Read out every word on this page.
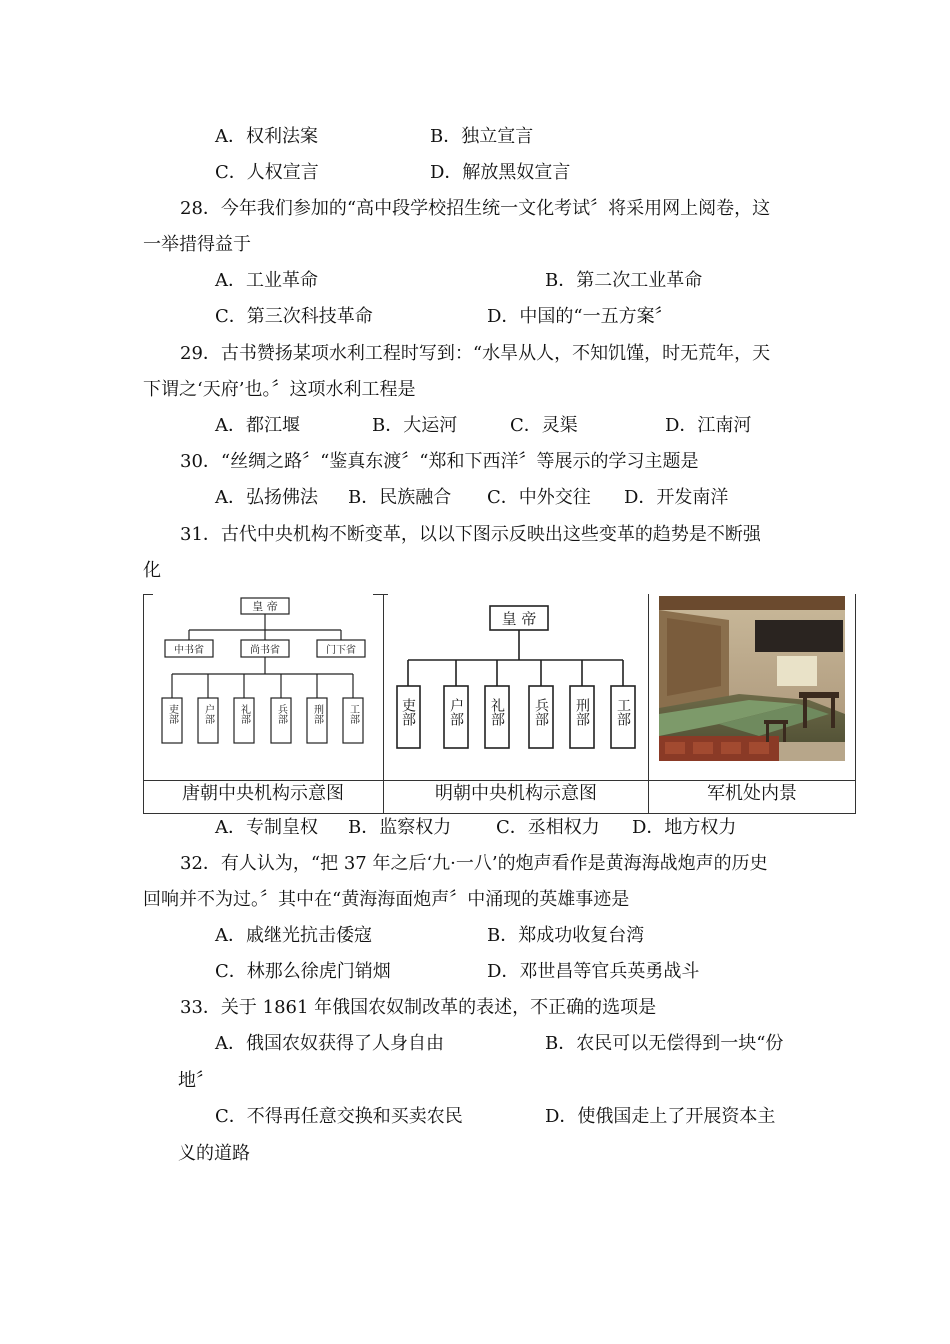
A．权利法案	B．独立宣言
C．人权宣言	D．解放黑奴宣言
28．今年我们参加的“高中段学校招生统一文化考试〞将采用网上阅卷，这
一举措得益于
A．工业革命	B．第二次工业革命
C．第三次科技革命	D．中国的“一五方案〞
29．古书赞扬某项水利工程时写到：“水旱从人，不知饥馑，时无荒年，天
下谓之‘天府’也。〞这项水利工程是
A．都江堰	B．大运河	C．灵渠	D．江南河
30．“丝绸之路〞“鉴真东渡〞“郑和下西洋〞等展示的学习主题是
A．弘扬佛法 B．民族融合 C．中外交往 D．开发南洋
31．古代中央机构不断变革，以以下图示反映出这些变革的趋势是不断强
化
皇 帝
中书省	尚书省	门下省
吏部	户部	礼部	兵部	刑部	工部
皇 帝
吏部 户部 礼部 兵部 刑部 工部
唐朝中央机构示意图	明朝中央机构示意图	军机处内景
A．专制皇权 B．监察权力 C．丞相权力 D．地方权力
32．有人认为，“把 37 年之后‘九·一八’的炮声看作是黄海海战炮声的历史
回响并不为过。〞其中在“黄海海面炮声〞中涌现的英雄事迹是
A．戚继光抗击倭寇	B．郑成功收复台湾
C．林那么徐虎门销烟	D．邓世昌等官兵英勇战斗
33．关于 1861 年俄国农奴制改革的表述，不正确的选项是
A．俄国农奴获得了人身自由	B．农民可以无偿得到一块“份
地〞
C．不得再任意交换和买卖农民	D．使俄国走上了开展资本主
义的道路
